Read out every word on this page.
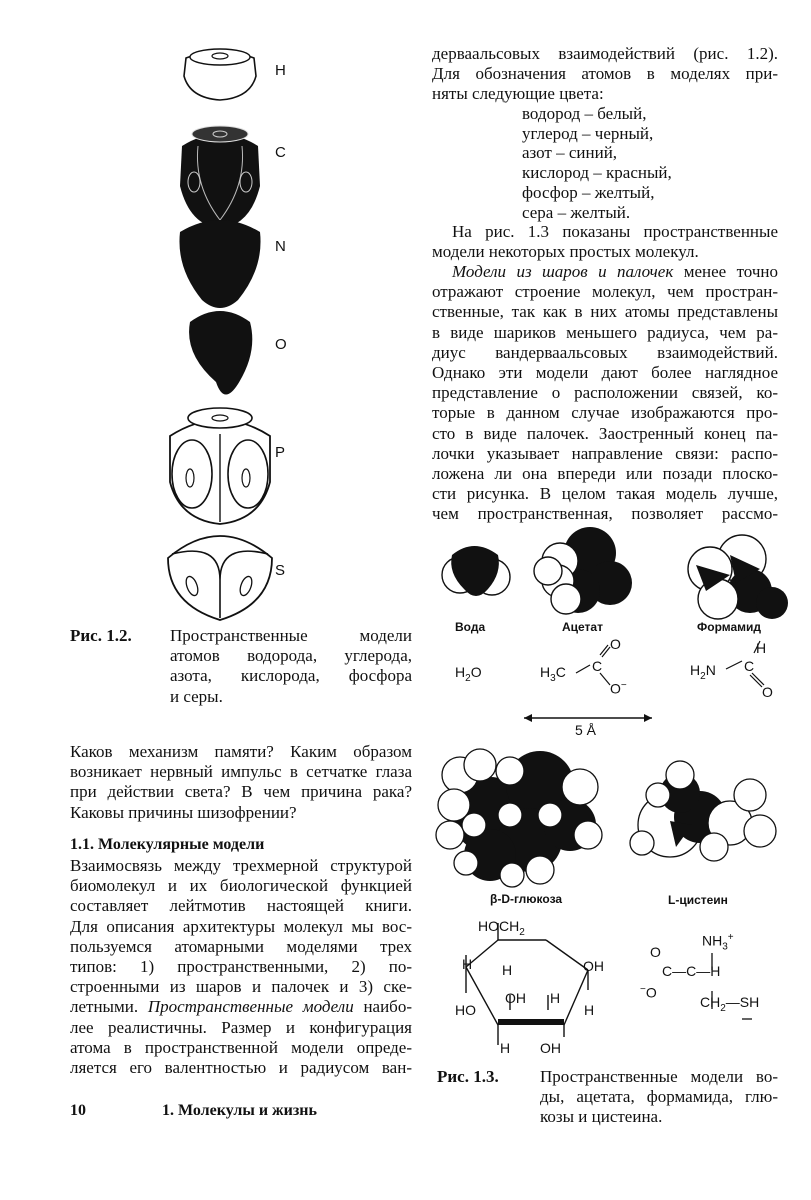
H
C
N
O
P
S
Рис. 1.2. Пространственные модели
атомов водорода, углерода,
азота, кислорода, фосфора
и серы.
дерваальсовых взаимодействий (рис. 1.2).
Для обозначения атомов в моделях при-
няты следующие цвета:
водород – белый,
углерод – черный,
азот – синий,
кислород – красный,
фосфор – желтый,
сера – желтый.
На рис. 1.3 показаны пространственные
модели некоторых простых молекул.
Модели из шаров и палочек менее точно
отражают строение молекул, чем простран-
ственные, так как в них атомы представлены
в виде шариков меньшего радиуса, чем ра-
диус вандерваальсовых взаимодействий.
Однако эти модели дают более наглядное
представление о расположении связей, ко-
торые в данном случае изображаются про-
сто в виде палочек. Заостренный конец па-
лочки указывает направление связи: распо-
ложена ли она впереди или позади плоско-
сти рисунка. В целом такая модель лучше,
чем пространственная, позволяет рассмо-
Вода	Ацетат	Формамид
$H_2O$	$H_3C$ C
O
O−
$H_2N$ C
H
O
5 Å
β-D-глюкоза	L-цистеин
$HOCH_2$
H H	OH
OH H
HO	H
H OH
$NH_3^+$
O
C—C—H
−O
$CH_2—SH$
Рис. 1.3. Пространственные модели во-
ды, ацетата, формамида, глю-
козы и цистеина.
Каков механизм памяти? Каким образом
возникает нервный импульс в сетчатке глаза
при действии света? В чем причина рака?
Каковы причины шизофрении?
1.1. Молекулярные модели
Взаимосвязь между трехмерной структурой
биомолекул и их биологической функцией
составляет лейтмотив настоящей книги.
Для описания архитектуры молекул мы вос-
пользуемся атомарными моделями трех
типов: 1) пространственными, 2) по-
строенными из шаров и палочек и 3) ске-
летными. Пространственные модели наибо-
лее реалистичны. Размер и конфигурация
атома в пространственной модели опреде-
ляется его валентностью и радиусом ван-
10	1. Молекулы и жизнь
